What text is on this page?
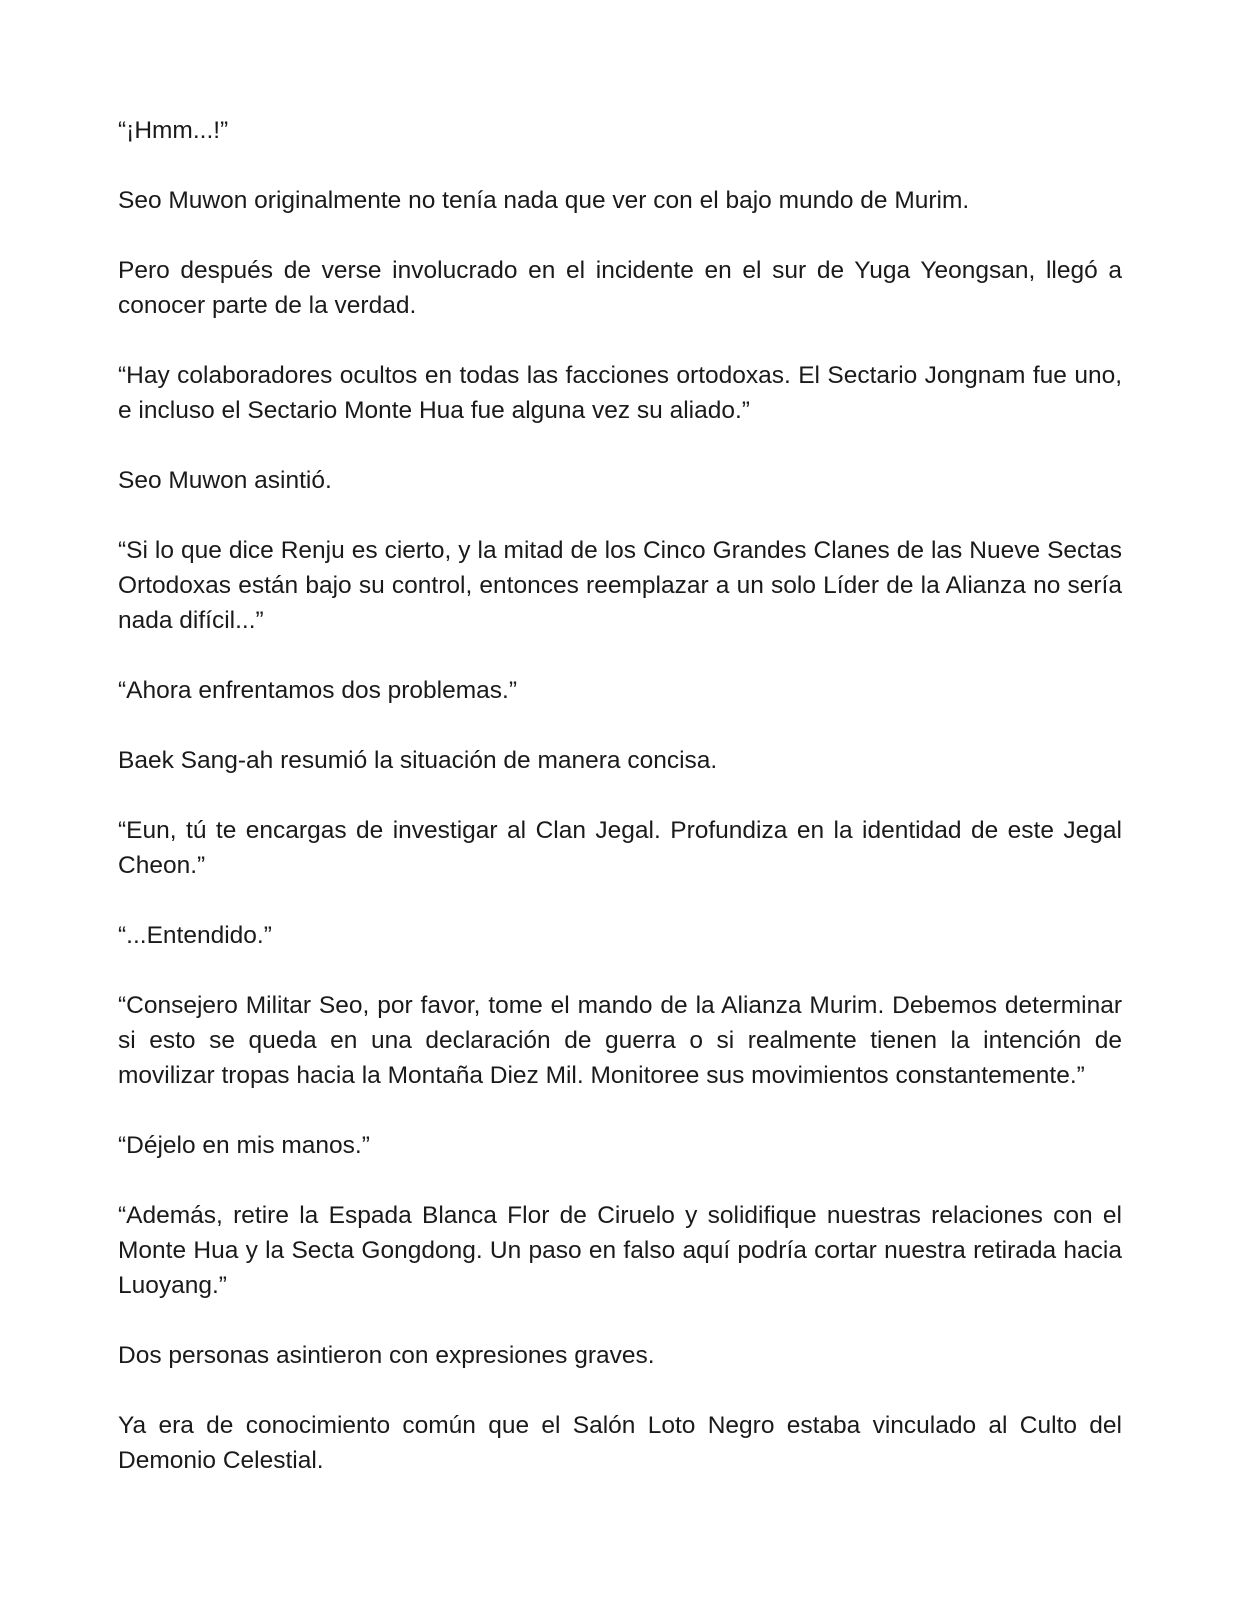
“¡Hmm...!”

Seo Muwon originalmente no tenía nada que ver con el bajo mundo de Murim.

Pero después de verse involucrado en el incidente en el sur de Yuga Yeongsan, llegó a conocer parte de la verdad.

“Hay colaboradores ocultos en todas las facciones ortodoxas. El Sectario Jongnam fue uno, e incluso el Sectario Monte Hua fue alguna vez su aliado.”

Seo Muwon asintió.

“Si lo que dice Renju es cierto, y la mitad de los Cinco Grandes Clanes de las Nueve Sectas Ortodoxas están bajo su control, entonces reemplazar a un solo Líder de la Alianza no sería nada difícil...”

“Ahora enfrentamos dos problemas.”

Baek Sang-ah resumió la situación de manera concisa.

“Eun, tú te encargas de investigar al Clan Jegal. Profundiza en la identidad de este Jegal Cheon.”

“...Entendido.”

“Consejero Militar Seo, por favor, tome el mando de la Alianza Murim. Debemos determinar si esto se queda en una declaración de guerra o si realmente tienen la intención de movilizar tropas hacia la Montaña Diez Mil. Monitoree sus movimientos constantemente.”

“Déjelo en mis manos.”

“Además, retire la Espada Blanca Flor de Ciruelo y solidifique nuestras relaciones con el Monte Hua y la Secta Gongdong. Un paso en falso aquí podría cortar nuestra retirada hacia Luoyang.”

Dos personas asintieron con expresiones graves.

Ya era de conocimiento común que el Salón Loto Negro estaba vinculado al Culto del Demonio Celestial.
